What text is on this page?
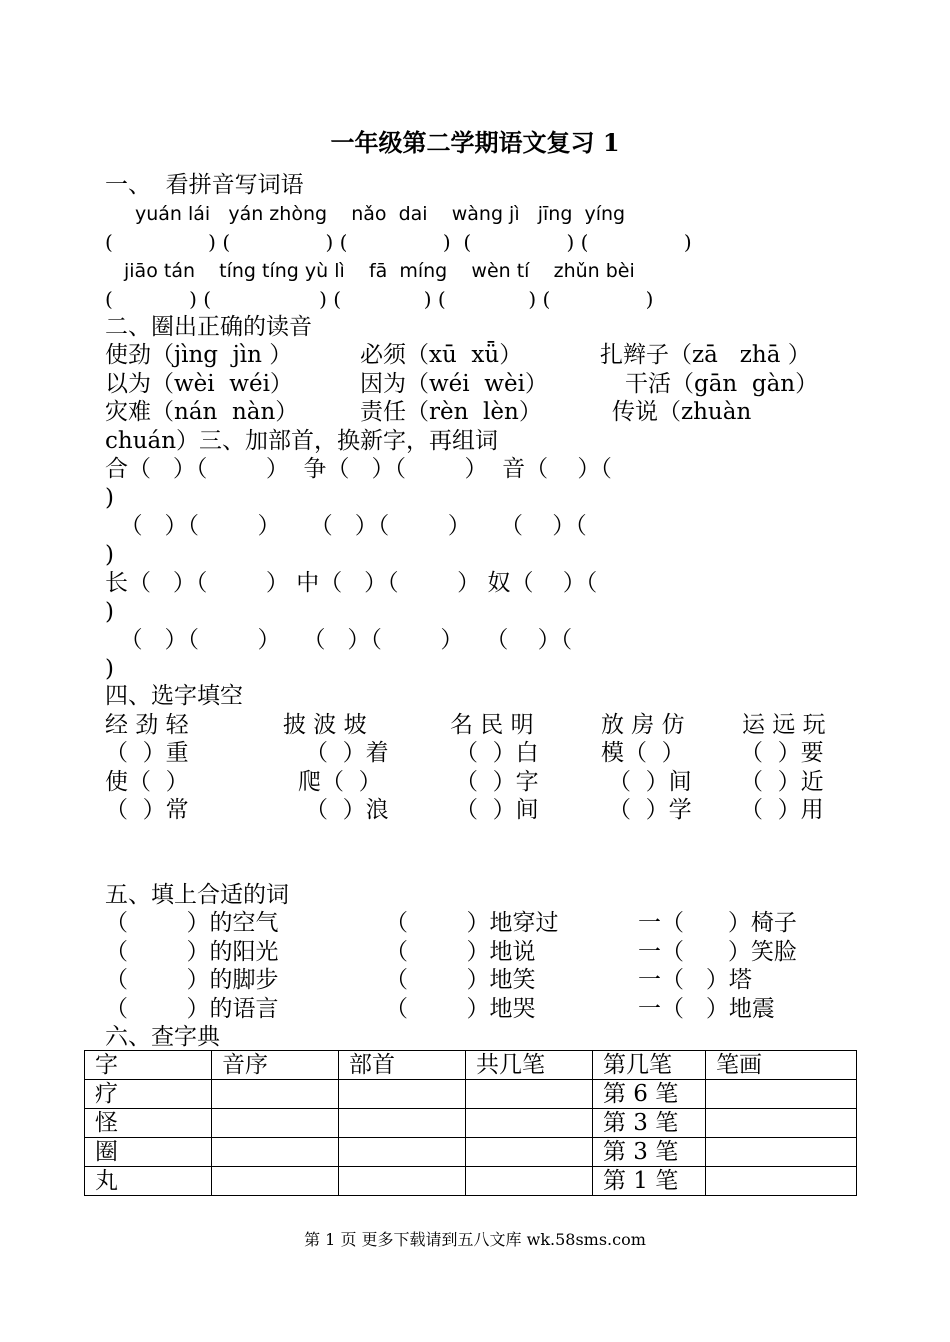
一年级第二学期语文复习 1
一、  看拼音写词语
yuán lái   yán zhòng    nǎo  dai    wàng jì   jīng  yíng
(               ) (               ) (               )  (               ) (               )
jiāo tán    tíng tíng yù lì    fā  míng    wèn tí    zhǔn bèi
(            ) (                 ) (             ) (             ) (               )
二、圈出正确的读音
使劲（jìng  jìn ）	必须（xū  xǖ）	扎辫子（zā   zhā ）
以为（wèi  wéi）	因为（wéi  wèi）	干活（gān  gàn）
灾难（nán  nàn）	责任（rèn  lèn）	传说（zhuàn
chuán）三、加部首，换新字，再组词
合（   ）（        ）  争（   ）（        ）  音（    ）（
)
（   ）（        ）    （   ）（        ）    （    ）（
)
长（   ）（        ） 中（   ）（        ） 奴（    ）（
)
（   ）（        ）   （   ）（        ）   （    ）（
)
四、选字填空
经 劲 轻	披 波 坡	名 民 明	放 房 仿 运 远 玩
（  ）重	（  ）着	（  ）白	模（  ） （  ）要
使（  ）	爬（  ）	（  ）字	（  ）间 （  ）近
（  ）常	（  ）浪	（  ）间	（  ）学 （  ）用
五、填上合适的词
（        ）的空气	（        ）地穿过	一（      ）椅子
（        ）的阳光	（        ）地说	一（      ）笑脸
（        ）的脚步	（        ）地笑	一（   ）塔
（        ）的语言	（        ）地哭	一（   ）地震
六、查字典
字	音序	部首	共几笔	第几笔	笔画
疗				第 6 笔	
怪				第 3 笔	
圈				第 3 笔	
丸				第 1 笔	
第 1 页 更多下载请到五八文库 wk.58sms.com
